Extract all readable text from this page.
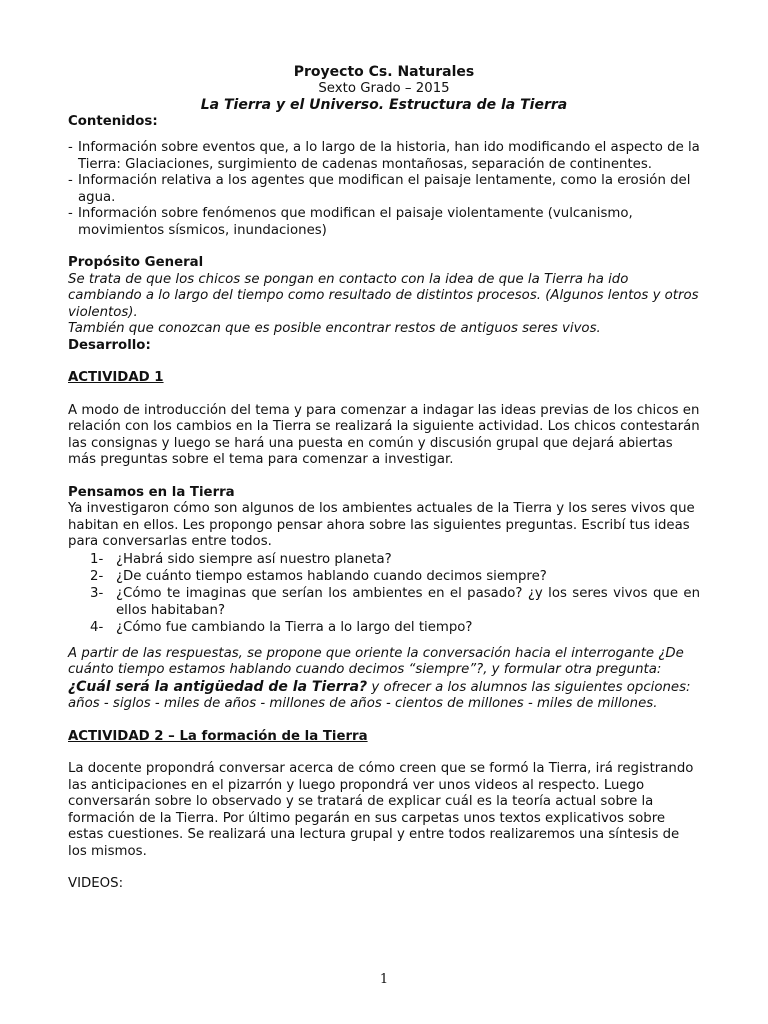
Proyecto Cs. Naturales
Sexto Grado – 2015
La Tierra y el Universo. Estructura de la Tierra

Contenidos:

- Información sobre eventos que, a lo largo de la historia, han ido modificando el aspecto de la Tierra: Glaciaciones, surgimiento de cadenas montañosas, separación de continentes.
- Información relativa a los agentes que modifican el paisaje lentamente, como la erosión del agua.
- Información sobre fenómenos que modifican el paisaje violentamente (vulcanismo, movimientos sísmicos, inundaciones)

Propósito General

Se trata de que los chicos se pongan en contacto con la idea de que la Tierra ha ido cambiando a lo largo del tiempo como resultado de distintos procesos. (Algunos lentos y otros violentos).

También que conozcan que es posible encontrar restos de antiguos seres vivos.

Desarrollo:

ACTIVIDAD 1

A modo de introducción del tema y para comenzar a indagar las ideas previas de los chicos en relación con los cambios en la Tierra se realizará la siguiente actividad. Los chicos contestarán las consignas y luego se hará una puesta en común y discusión grupal que dejará abiertas más preguntas sobre el tema para comenzar a investigar.

Pensamos en la Tierra

Ya investigaron cómo son algunos de los ambientes actuales de la Tierra y los seres vivos que habitan en ellos. Les propongo pensar ahora sobre las siguientes preguntas. Escribí tus ideas para conversarlas entre todos.

1- ¿Habrá sido siempre así nuestro planeta?
2- ¿De cuánto tiempo estamos hablando cuando decimos siempre?
3- ¿Cómo te imaginas que serían los ambientes en el pasado? ¿y los seres vivos que en ellos habitaban?
4- ¿Cómo fue cambiando la Tierra a lo largo del tiempo?

A partir de las respuestas, se propone que oriente la conversación hacia el interrogante ¿De cuánto tiempo estamos hablando cuando decimos “siempre”?, y formular otra pregunta: ¿Cuál será la antigüedad de la Tierra? y ofrecer a los alumnos las siguientes opciones: años - siglos - miles de años - millones de años - cientos de millones - miles de millones.

ACTIVIDAD 2 – La formación de la Tierra

La docente propondrá conversar acerca de cómo creen que se formó la Tierra, irá registrando las anticipaciones en el pizarrón y luego propondrá ver unos videos al respecto. Luego conversarán sobre lo observado y se tratará de explicar cuál es la teoría actual sobre la formación de la Tierra. Por último pegarán en sus carpetas unos textos explicativos sobre estas cuestiones. Se realizará una lectura grupal y entre todos realizaremos una síntesis de los mismos.

VIDEOS:

1
